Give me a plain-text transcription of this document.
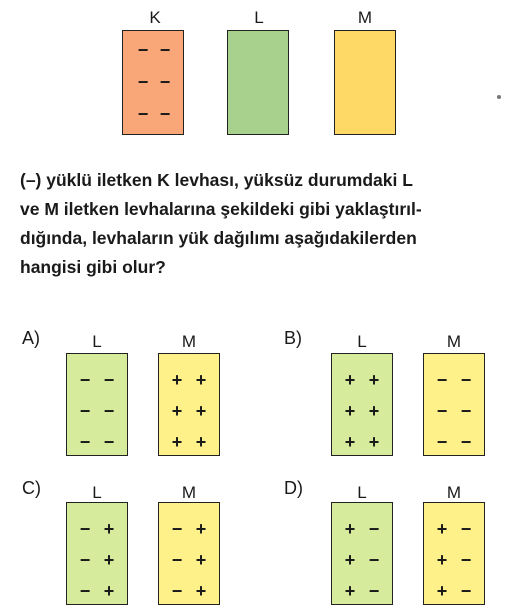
K	L	M
− −
− −
− −
(–) yüklü iletken K levhası, yüksüz durumdaki L
ve M iletken levhalarına şekildeki gibi yaklaştırıl-
dığında, levhaların yük dağılımı aşağıdakilerden
hangisi gibi olur?
A)	L	M
− −
− −
− −
+ +
+ +
+ +
B)	L	M
+ +
+ +
+ +
− −
− −
− −
C)	L	M
− +
− +
− +
− +
− +
− +
D)	L	M
+ −
+ −
+ −
+ −
+ −
+ −
